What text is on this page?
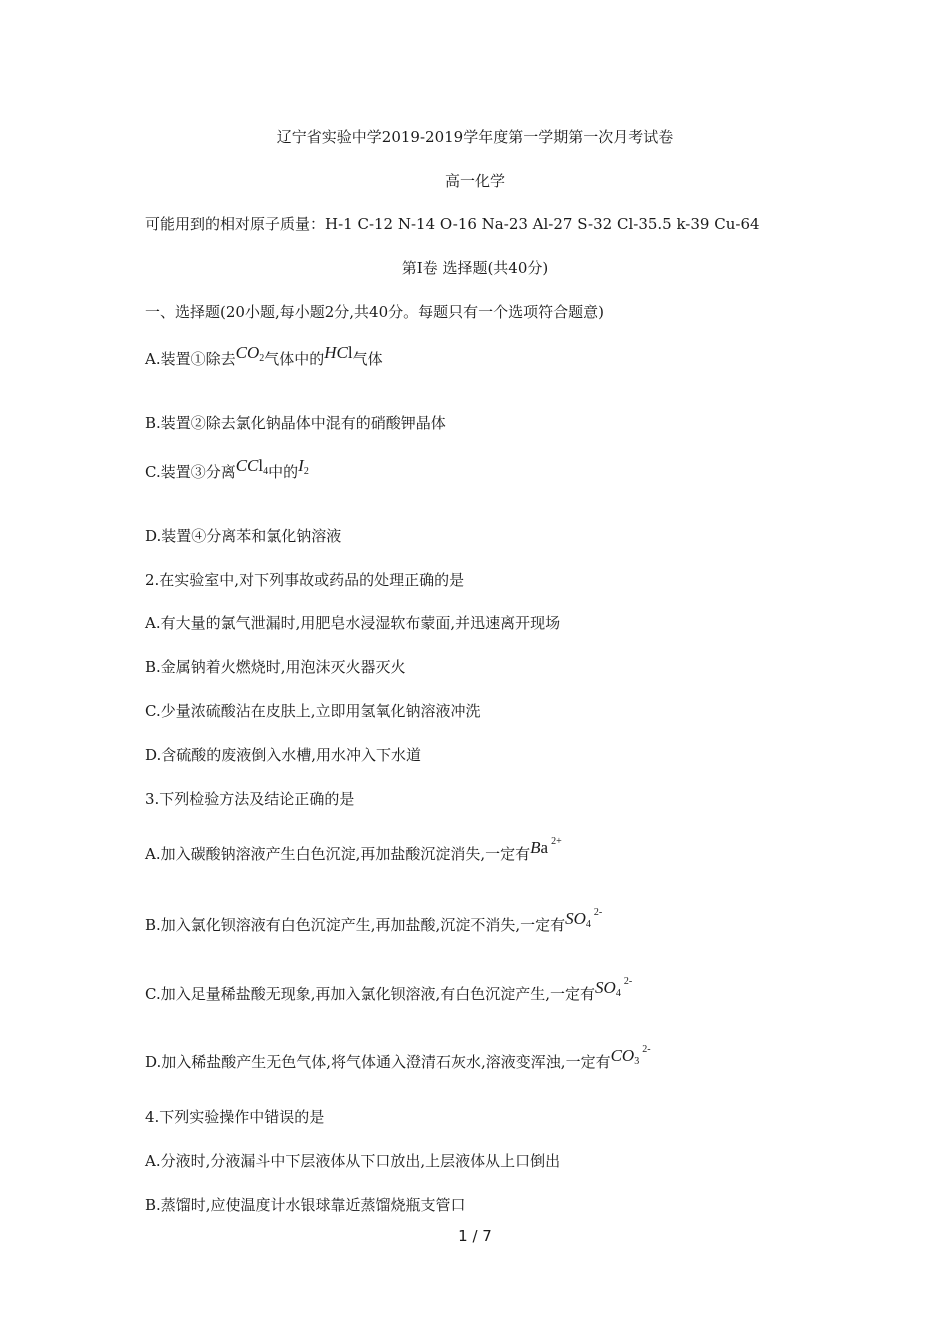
辽宁省实验中学2019-2019学年度第一学期第一次月考试卷
高一化学
可能用到的相对原子质量：H-1 C-12 N-14 O-16 Na-23 Al-27 S-32 Cl-35.5 k-39 Cu-64
第Ⅰ卷 选择题(共40分)
一、选择题(20小题,每小题2分,共40分。每题只有一个选项符合题意)
A.装置①除去$CO_2$气体中的HCl气体
B.装置②除去氯化钠晶体中混有的硝酸钾晶体
C.装置③分离CCl$_4$中的$I_2$
D.装置④分离苯和氯化钠溶液
2.在实验室中,对下列事故或药品的处理正确的是
A.有大量的氯气泄漏时,用肥皂水浸湿软布蒙面,并迅速离开现场
B.金属钠着火燃烧时,用泡沫灭火器灭火
C.少量浓硫酸沾在皮肤上,立即用氢氧化钠溶液冲洗
D.含硫酸的废液倒入水槽,用水冲入下水道
3.下列检验方法及结论正确的是
A.加入碳酸钠溶液产生白色沉淀,再加盐酸沉淀消失,一定有Ba $^{2+}$
B.加入氯化钡溶液有白色沉淀产生,再加盐酸,沉淀不消失,一定有$SO_4^{2-}$
C.加入足量稀盐酸无现象,再加入氯化钡溶液,有白色沉淀产生,一定有$SO_4^{2-}$
D.加入稀盐酸产生无色气体,将气体通入澄清石灰水,溶液变浑浊,一定有$CO_3^{2-}$
4.下列实验操作中错误的是
A.分液时,分液漏斗中下层液体从下口放出,上层液体从上口倒出
B.蒸馏时,应使温度计水银球靠近蒸馏烧瓶支管口
1 / 7
